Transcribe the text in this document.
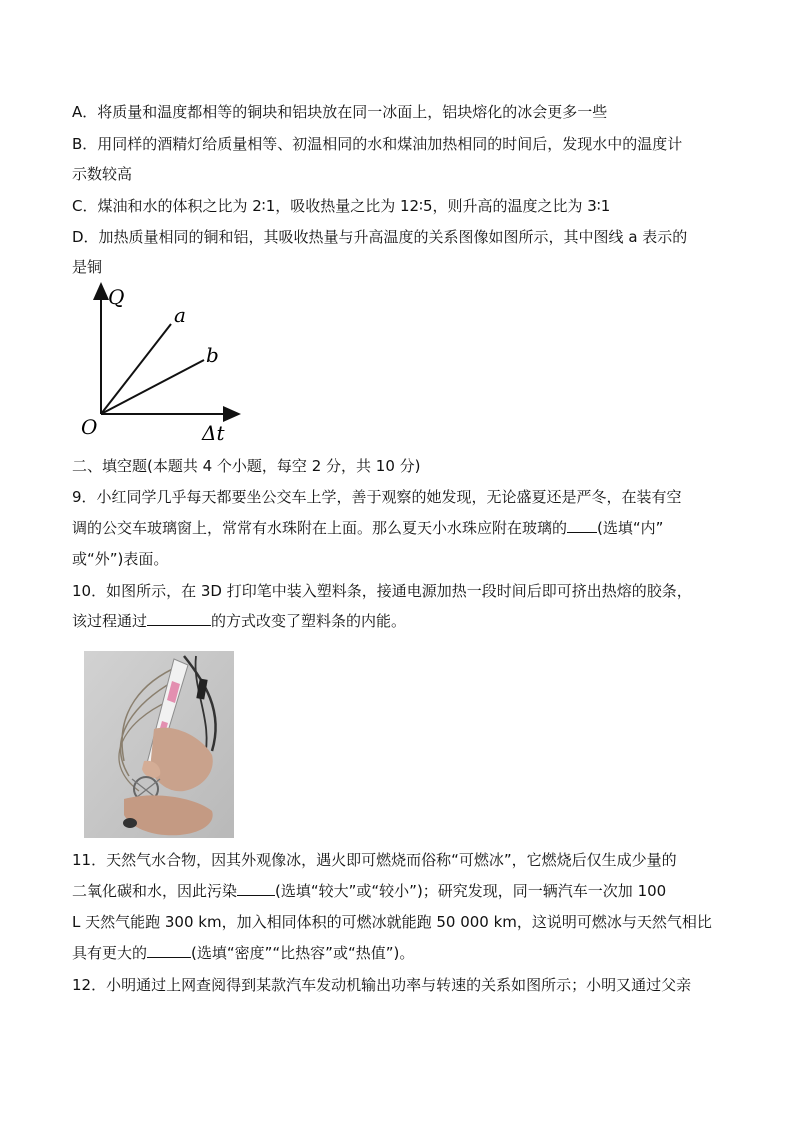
A．将质量和温度都相等的铜块和铝块放在同一冰面上，铝块熔化的冰会更多一些
B．用同样的酒精灯给质量相等、初温相同的水和煤油加热相同的时间后，发现水中的温度计
示数较高
C．煤油和水的体积之比为 2∶1，吸收热量之比为 12∶5，则升高的温度之比为 3∶1
D．加热质量相同的铜和铝，其吸收热量与升高温度的关系图像如图所示，其中图线 a 表示的
是铜
Q
a
b
O	Δt
二、填空题(本题共 4 个小题，每空 2 分，共 10 分)
9．小红同学几乎每天都要坐公交车上学，善于观察的她发现，无论盛夏还是严冬，在装有空
调的公交车玻璃窗上，常常有水珠附在上面。那么夏天小水珠应附在玻璃的 (选填“内”
或“外”)表面。
10．如图所示，在 3D 打印笔中装入塑料条，接通电源加热一段时间后即可挤出热熔的胶条，
该过程通过	的方式改变了塑料条的内能。
11．天然气水合物，因其外观像冰，遇火即可燃烧而俗称“可燃冰”，它燃烧后仅生成少量的
二氧化碳和水，因此污染	(选填“较大”或“较小”)；研究发现，同一辆汽车一次加 100
L 天然气能跑 300 km，加入相同体积的可燃冰就能跑 50 000 km，这说明可燃冰与天然气相比
具有更大的	(选填“密度”“比热容”或“热值”)。
12．小明通过上网查阅得到某款汽车发动机输出功率与转速的关系如图所示；小明又通过父亲
